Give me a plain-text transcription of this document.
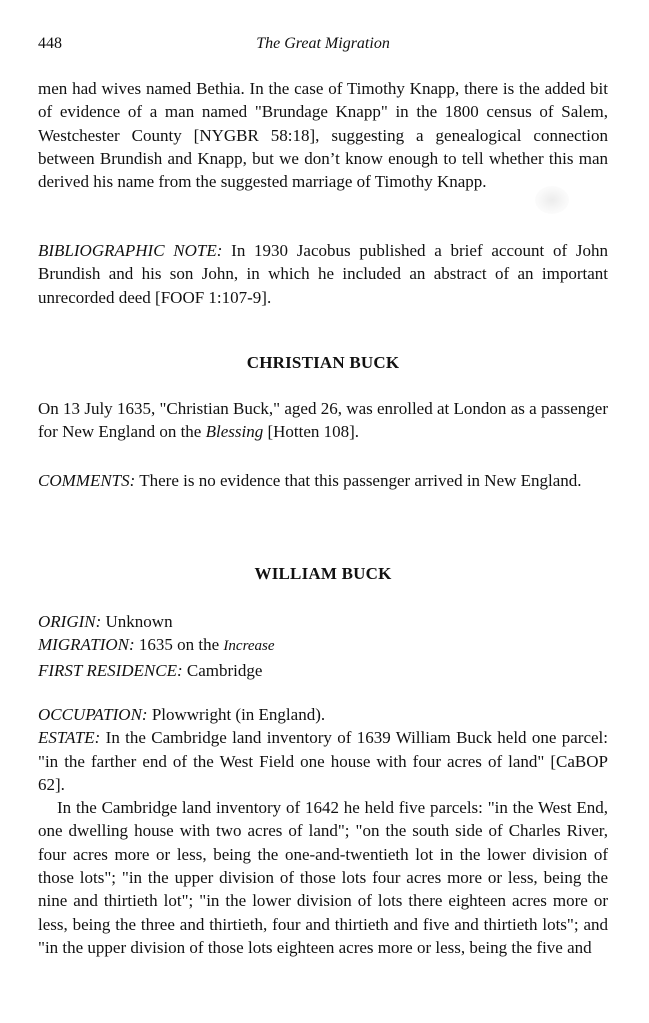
448	The Great Migration

men had wives named Bethia. In the case of Timothy Knapp, there is the added bit of evidence of a man named "Brundage Knapp" in the 1800 census of Salem, Westchester County [NYGBR 58:18], suggesting a genealogical connection between Brundish and Knapp, but we don’t know enough to tell whether this man derived his name from the suggested marriage of Timothy Knapp.

BIBLIOGRAPHIC NOTE: In 1930 Jacobus published a brief account of John Brundish and his son John, in which he included an abstract of an important unrecorded deed [FOOF 1:107-9].

CHRISTIAN BUCK

On 13 July 1635, "Christian Buck," aged 26, was enrolled at London as a passenger for New England on the Blessing [Hotten 108].

COMMENTS: There is no evidence that this passenger arrived in New England.

WILLIAM BUCK

ORIGIN: Unknown

MIGRATION: 1635 on the Increase

FIRST RESIDENCE: Cambridge

OCCUPATION: Plowwright (in England).

ESTATE: In the Cambridge land inventory of 1639 William Buck held one parcel: "in the farther end of the West Field one house with four acres of land" [CaBOP 62].

In the Cambridge land inventory of 1642 he held five parcels: "in the West End, one dwelling house with two acres of land"; "on the south side of Charles River, four acres more or less, being the one-and-twentieth lot in the lower division of those lots"; "in the upper division of those lots four acres more or less, being the nine and thirtieth lot"; "in the lower division of lots there eighteen acres more or less, being the three and thirtieth, four and thirtieth and five and thirtieth lots"; and "in the upper division of those lots eighteen acres more or less, being the five and
